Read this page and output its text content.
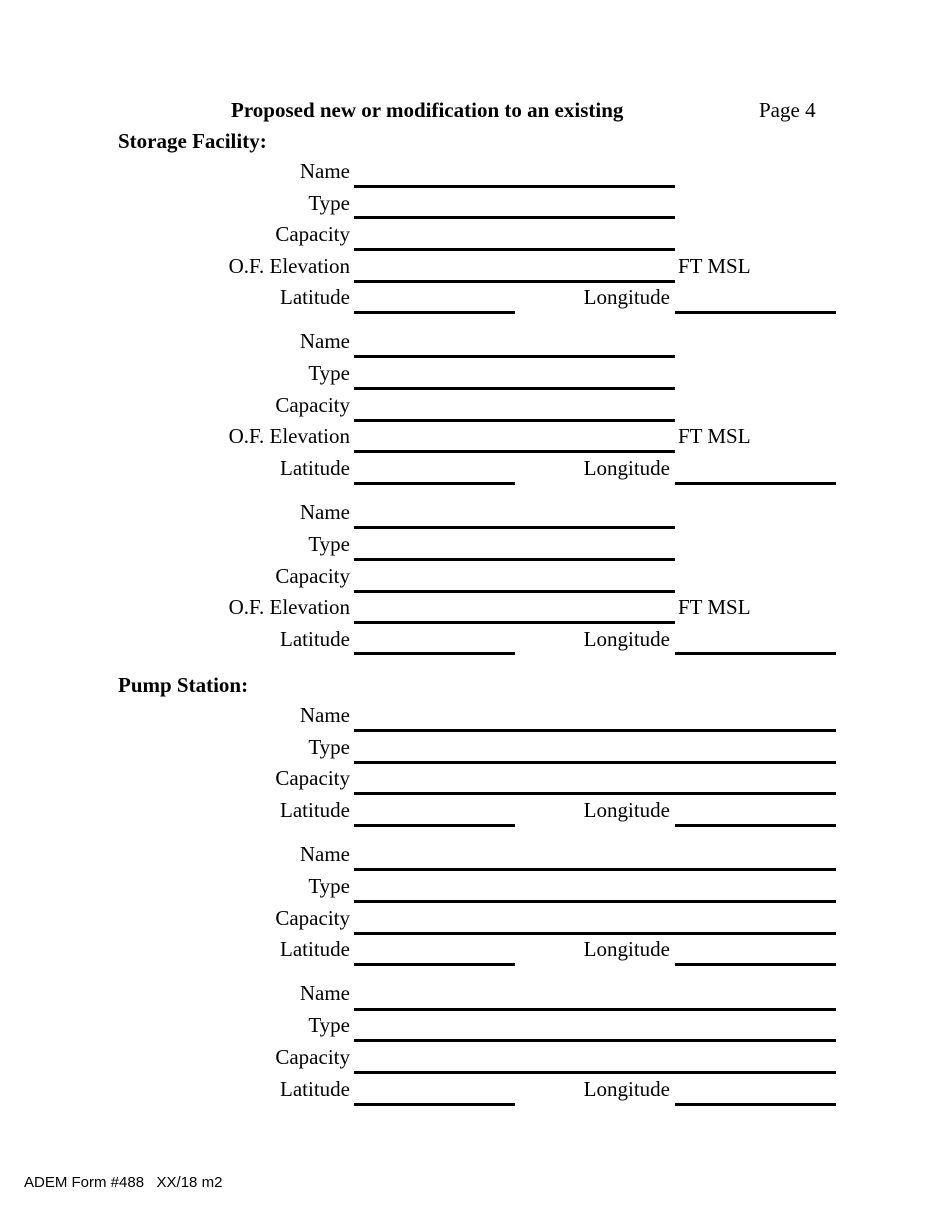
Proposed new or modification to an existing	Page 4
Storage Facility:
Name
Type
Capacity
O.F. Elevation	FT MSL
Latitude	Longitude
Name
Type
Capacity
O.F. Elevation	FT MSL
Latitude	Longitude
Name
Type
Capacity
O.F. Elevation	FT MSL
Latitude	Longitude
Pump Station:
Name
Type
Capacity
Latitude	Longitude
Name
Type
Capacity
Latitude	Longitude
Name
Type
Capacity
Latitude	Longitude
ADEM Form #488   XX/18 m2
